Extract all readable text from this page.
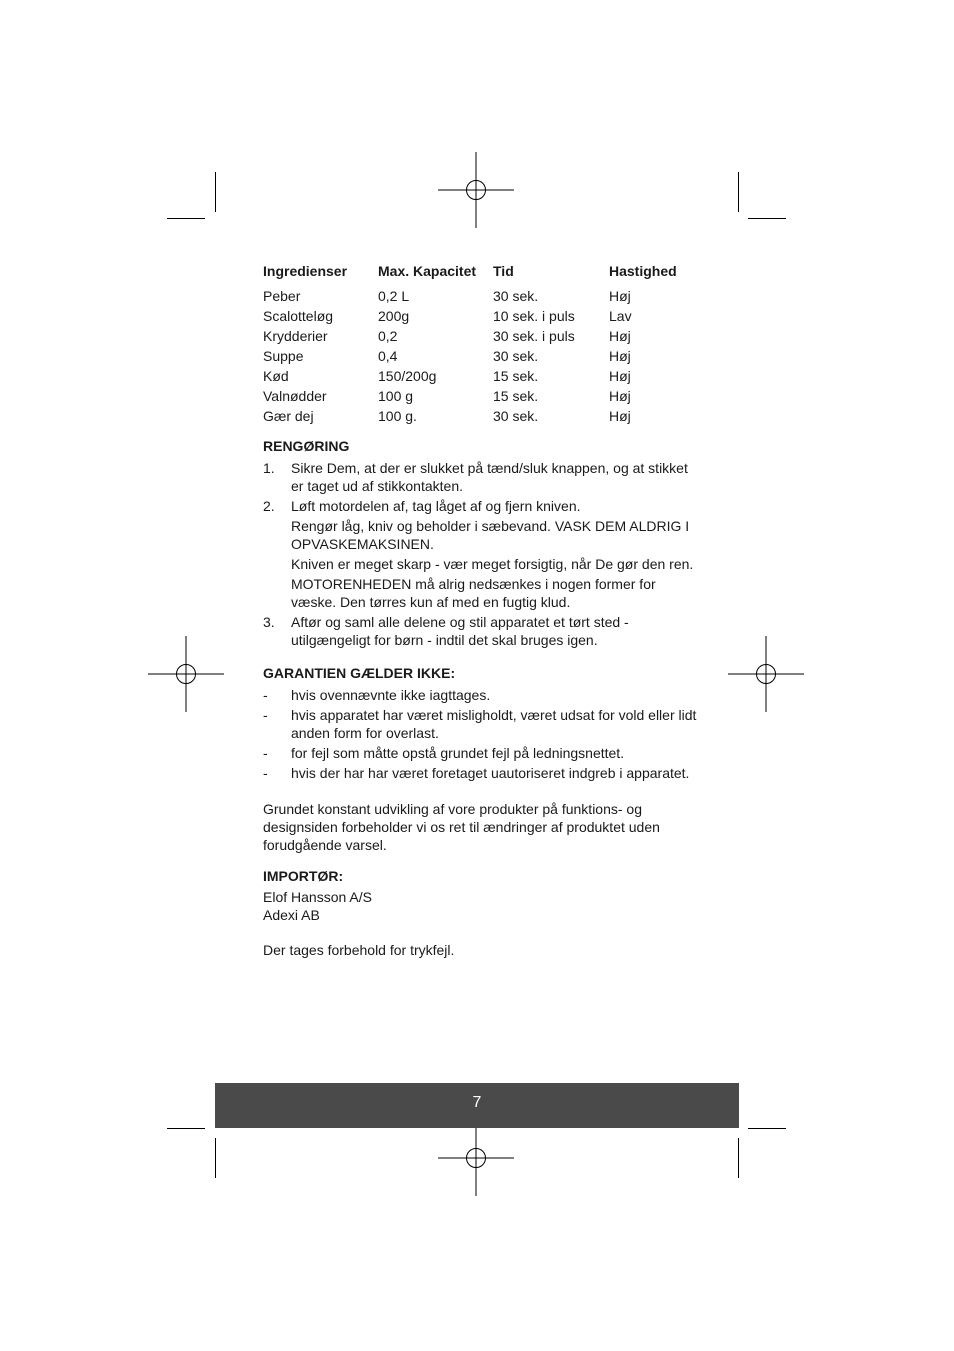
Ingredienser	Max. Kapacitet	Tid	Hastighed
Peber	0,2 L	30 sek.	Høj
Scalotteløg	200g	10 sek. i puls	Lav
Krydderier	0,2	30 sek. i puls	Høj
Suppe	0,4	30 sek.	Høj
Kød	150/200g	15 sek.	Høj
Valnødder	100 g	15 sek.	Høj
Gær dej	100 g.	30 sek.	Høj
RENGØRING
1. Sikre Dem, at der er slukket på tænd/sluk knappen, og at stikket er taget ud af stikkontakten.

2. Løft motordelen af, tag låget af og fjern kniven.

Rengør låg, kniv og beholder i sæbevand. VASK DEM ALDRIG I OPVASKEMAKSINEN.

Kniven er meget skarp - vær meget forsigtig, når De gør den ren.

MOTORENHEDEN må alrig nedsænkes i nogen former for væske. Den tørres kun af med en fugtig klud.

3. Aftør og saml alle delene og stil apparatet et tørt sted - utilgængeligt for børn - indtil det skal bruges igen.

GARANTIEN GÆLDER IKKE:
- hvis ovennævnte ikke iagttages.

- hvis apparatet har været misligholdt, været udsat for vold eller lidt anden form for overlast.

- for fejl som måtte opstå grundet fejl på ledningsnettet.

- hvis der har har været foretaget uautoriseret indgreb i apparatet.

Grundet konstant udvikling af vore produkter på funktions- og designsiden forbeholder vi os ret til ændringer af produktet uden forudgående varsel.

IMPORTØR:
Elof Hansson A/S
Adexi AB

Der tages forbehold for trykfejl.

7
